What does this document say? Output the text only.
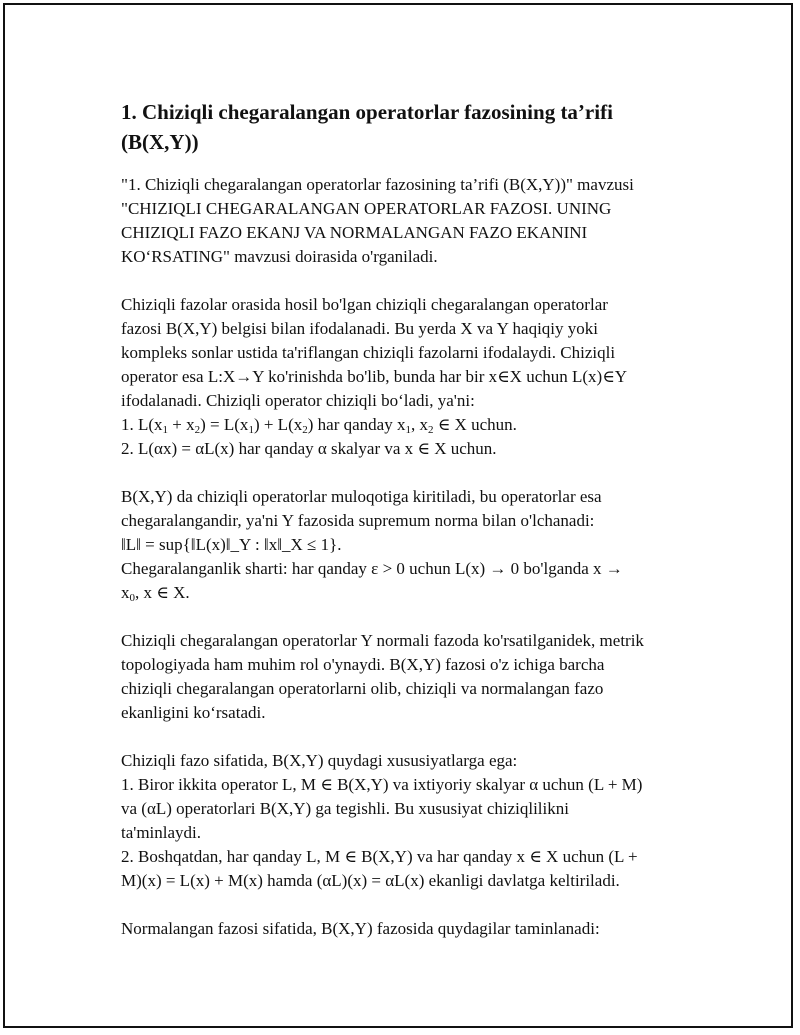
1. Chiziqli chegaralangan operatorlar fazosining ta’rifi
(B(X,Y))
"1. Chiziqli chegaralangan operatorlar fazosining ta’rifi (B(X,Y))" mavzusi
"CHIZIQLI CHEGARALANGAN OPERATORLAR FAZOSI. UNING
CHIZIQLI FAZO EKANJ VA NORMALANGAN FAZO EKANINI
KO‘RSATING" mavzusi doirasida o'rganiladi.
Chiziqli fazolar orasida hosil bo'lgan chiziqli chegaralangan operatorlar
fazosi B(X,Y) belgisi bilan ifodalanadi. Bu yerda X va Y haqiqiy yoki
kompleks sonlar ustida ta'riflangan chiziqli fazolarni ifodalaydi. Chiziqli
operator esa L:X→Y ko'rinishda bo'lib, bunda har bir x∈X uchun L(x)∈Y
ifodalanadi. Chiziqli operator chiziqli bo‘ladi, ya'ni:
1. $L(x_1 + x_2) = L(x_1) + L(x_2)$ har qanday $x_1$, $x_2$ ∈ X uchun.
2. L(αx) = αL(x) har qanday α skalyar va x ∈ X uchun.
B(X,Y) da chiziqli operatorlar muloqotiga kiritiladi, bu operatorlar esa
chegaralangandir, ya'ni Y fazosida supremum norma bilan o'lchanadi:
‖L‖ = sup{‖L(x)‖_Y : ‖x‖_X ≤ 1}.
Chegaralanganlik sharti: har qanday ε > 0 uchun L(x) → 0 bo'lganda x →
$x_0$, x ∈ X.
Chiziqli chegaralangan operatorlar Y normali fazoda ko'rsatilganidek, metrik
topologiyada ham muhim rol o'ynaydi. B(X,Y) fazosi o'z ichiga barcha
chiziqli chegaralangan operatorlarni olib, chiziqli va normalangan fazo
ekanligini ko‘rsatadi.
Chiziqli fazo sifatida, B(X,Y) quydagi xususiyatlarga ega:
1. Biror ikkita operator L, M ∈ B(X,Y) va ixtiyoriy skalyar α uchun (L + M)
va (αL) operatorlari B(X,Y) ga tegishli. Bu xususiyat chiziqlilikni
ta'minlaydi.
2. Boshqatdan, har qanday L, M ∈ B(X,Y) va har qanday x ∈ X uchun (L +
M)(x) = L(x) + M(x) hamda (αL)(x) = αL(x) ekanligi davlatga keltiriladi.
Normalangan fazosi sifatida, B(X,Y) fazosida quydagilar taminlanadi:
